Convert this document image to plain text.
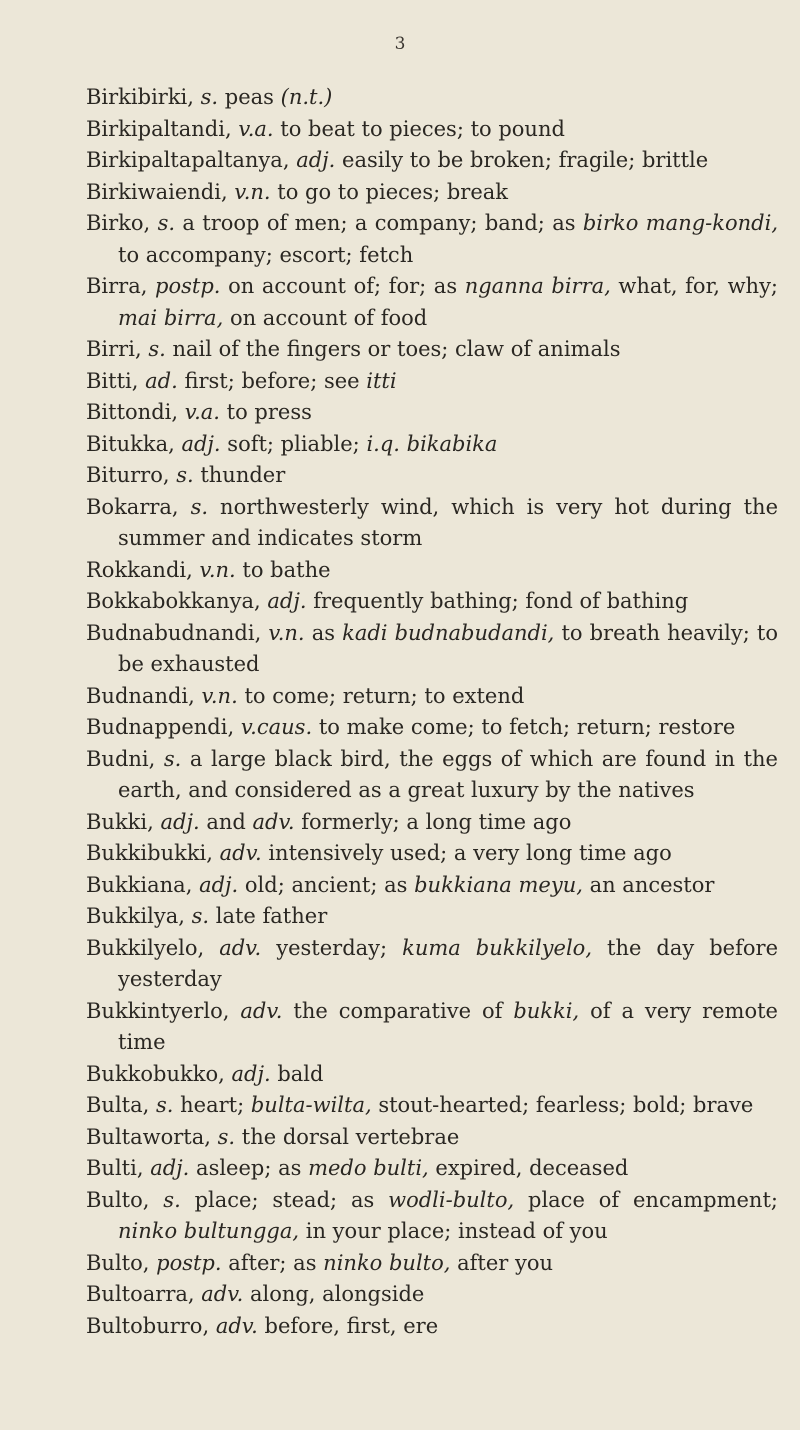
3
Birkibirki, s. peas (n.t.)
Birkipaltandi, v.a. to beat to pieces; to pound
Birkipaltapaltanya, adj. easily to be broken; fragile; brittle
Birkiwaiendi, v.n. to go to pieces; break
Birko, s. a troop of men; a company; band; as birko mang-kondi, to accompany; escort; fetch
Birra, postp. on account of; for; as nganna birra, what, for, why; mai birra, on account of food
Birri, s. nail of the fingers or toes; claw of animals
Bitti, ad. first; before; see itti
Bittondi, v.a. to press
Bitukka, adj. soft; pliable; i.q. bikabika
Biturro, s. thunder
Bokarra, s. northwesterly wind, which is very hot during the summer and indicates storm
Rokkandi, v.n. to bathe
Bokkabokkanya, adj. frequently bathing; fond of bathing
Budnabudnandi, v.n. as kadi budnabudandi, to breath heavily; to be exhausted
Budnandi, v.n. to come; return; to extend
Budnappendi, v.caus. to make come; to fetch; return; restore
Budni, s. a large black bird, the eggs of which are found in the earth, and considered as a great luxury by the natives
Bukki, adj. and adv. formerly; a long time ago
Bukkibukki, adv. intensively used; a very long time ago
Bukkiana, adj. old; ancient; as bukkiana meyu, an ancestor
Bukkilya, s. late father
Bukkilyelo, adv. yesterday; kuma bukkilyelo, the day before yesterday
Bukkintyerlo, adv. the comparative of bukki, of a very remote time
Bukkobukko, adj. bald
Bulta, s. heart; bulta-wilta, stout-hearted; fearless; bold; brave
Bultaworta, s. the dorsal vertebrae
Bulti, adj. asleep; as medo bulti, expired, deceased
Bulto, s. place; stead; as wodli-bulto, place of encampment; ninko bultungga, in your place; instead of you
Bulto, postp. after; as ninko bulto, after you
Bultoarra, adv. along, alongside
Bultoburro, adv. before, first, ere
